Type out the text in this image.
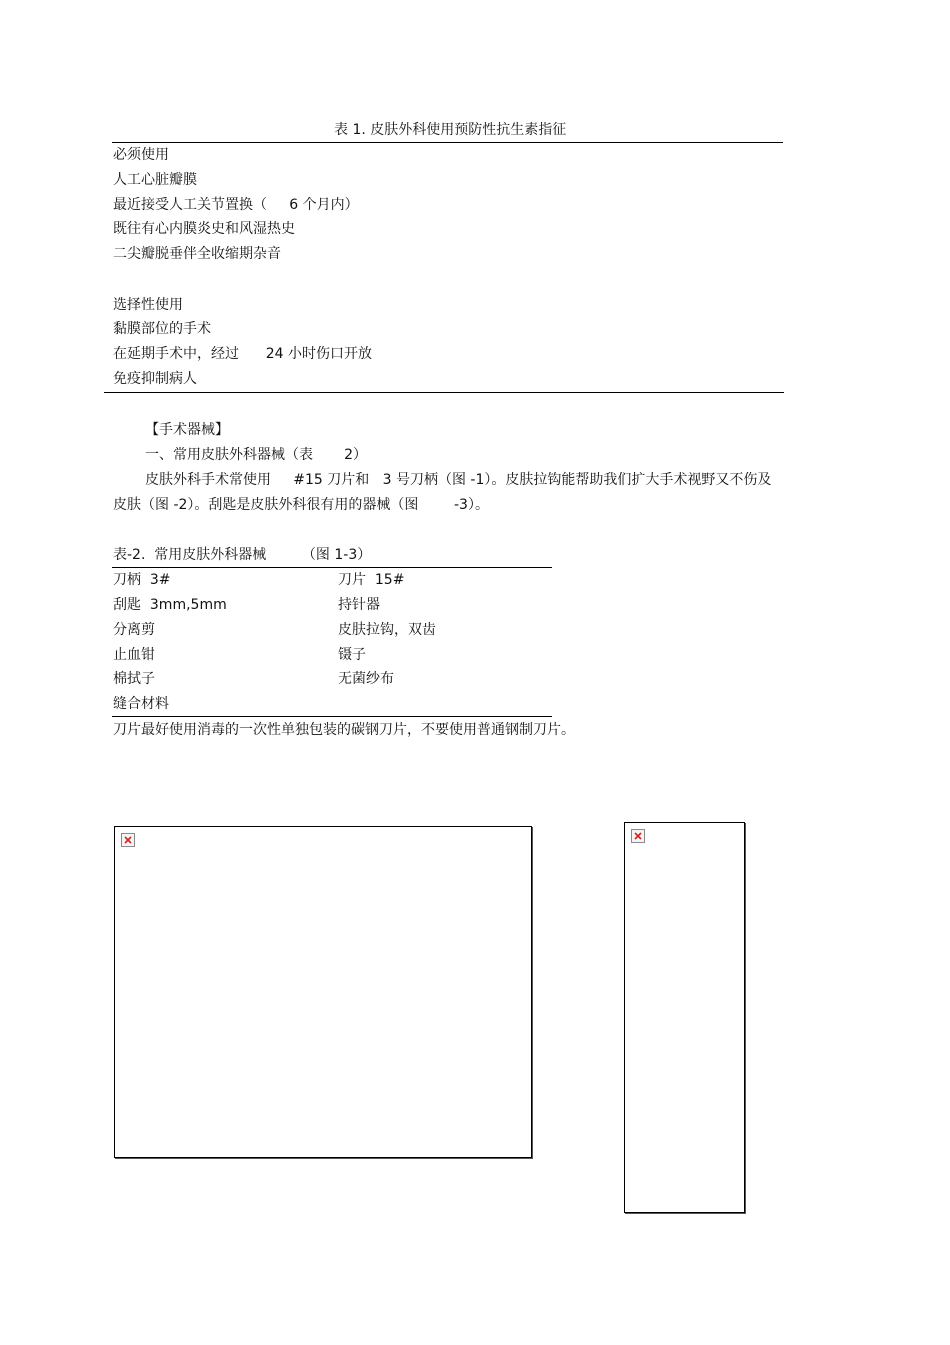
表 1. 皮肤外科使用预防性抗生素指征
必须使用
人工心脏瓣膜
最近接受人工关节置换（     6 个月内）
既往有心内膜炎史和风湿热史
二尖瓣脱垂伴全收缩期杂音
选择性使用
黏膜部位的手术
在延期手术中，经过      24 小时伤口开放
免疫抑制病人
【手术器械】
一、常用皮肤外科器械（表       2）
皮肤外科手术常使用     #15 刀片和   3 号刀柄（图 -1）。皮肤拉钩能帮助我们扩大手术视野又不伤及
皮肤（图 -2）。刮匙是皮肤外科很有用的器械（图        -3）。
表-2.  常用皮肤外科器械        （图 1-3）
刀柄  3#	刀片  15#
刮匙  3mm,5mm	持针器
分离剪	皮肤拉钩，双齿
止血钳	镊子
棉拭子	无菌纱布
缝合材料
刀片最好使用消毒的一次性单独包装的碳钢刀片，不要使用普通钢制刀片。
